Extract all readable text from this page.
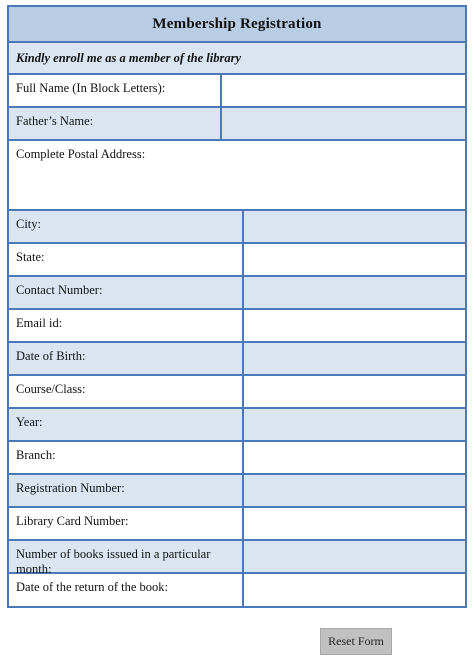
Membership Registration
Kindly enroll me as a member of the library
Full Name (In Block Letters):
Father’s Name:
Complete Postal Address:
City:
State:
Contact Number:
Email id:
Date of Birth:
Course/Class:
Year:
Branch:
Registration Number:
Library Card Number:
Number of books issued in a particular month:
Date of the return of the book:
Reset Form
